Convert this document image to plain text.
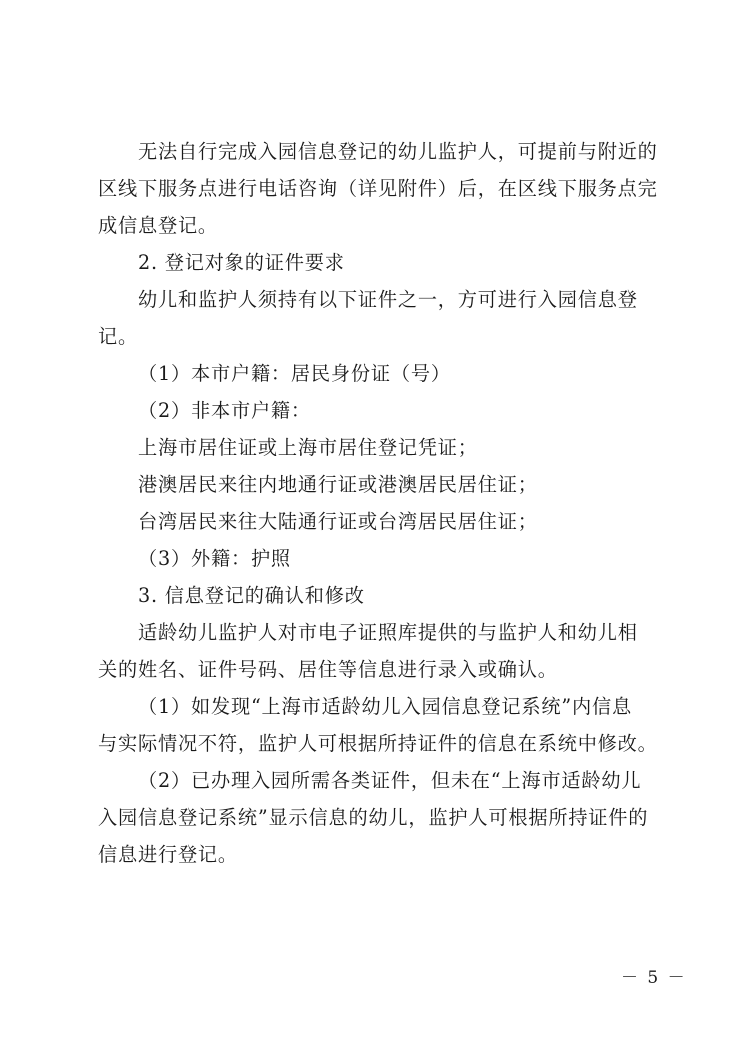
无法自行完成入园信息登记的幼儿监护人，可提前与附近的
区线下服务点进行电话咨询（详见附件）后，在区线下服务点完
成信息登记。

2. 登记对象的证件要求

幼儿和监护人须持有以下证件之一，方可进行入园信息登
记。

（1）本市户籍：居民身份证（号）

（2）非本市户籍：

上海市居住证或上海市居住登记凭证；

港澳居民来往内地通行证或港澳居民居住证；

台湾居民来往大陆通行证或台湾居民居住证；

（3）外籍：护照

3. 信息登记的确认和修改

适龄幼儿监护人对市电子证照库提供的与监护人和幼儿相
关的姓名、证件号码、居住等信息进行录入或确认。

（1）如发现“上海市适龄幼儿入园信息登记系统”内信息
与实际情况不符，监护人可根据所持证件的信息在系统中修改。

（2）已办理入园所需各类证件，但未在“上海市适龄幼儿
入园信息登记系统”显示信息的幼儿，监护人可根据所持证件的
信息进行登记。

－ 5 －
